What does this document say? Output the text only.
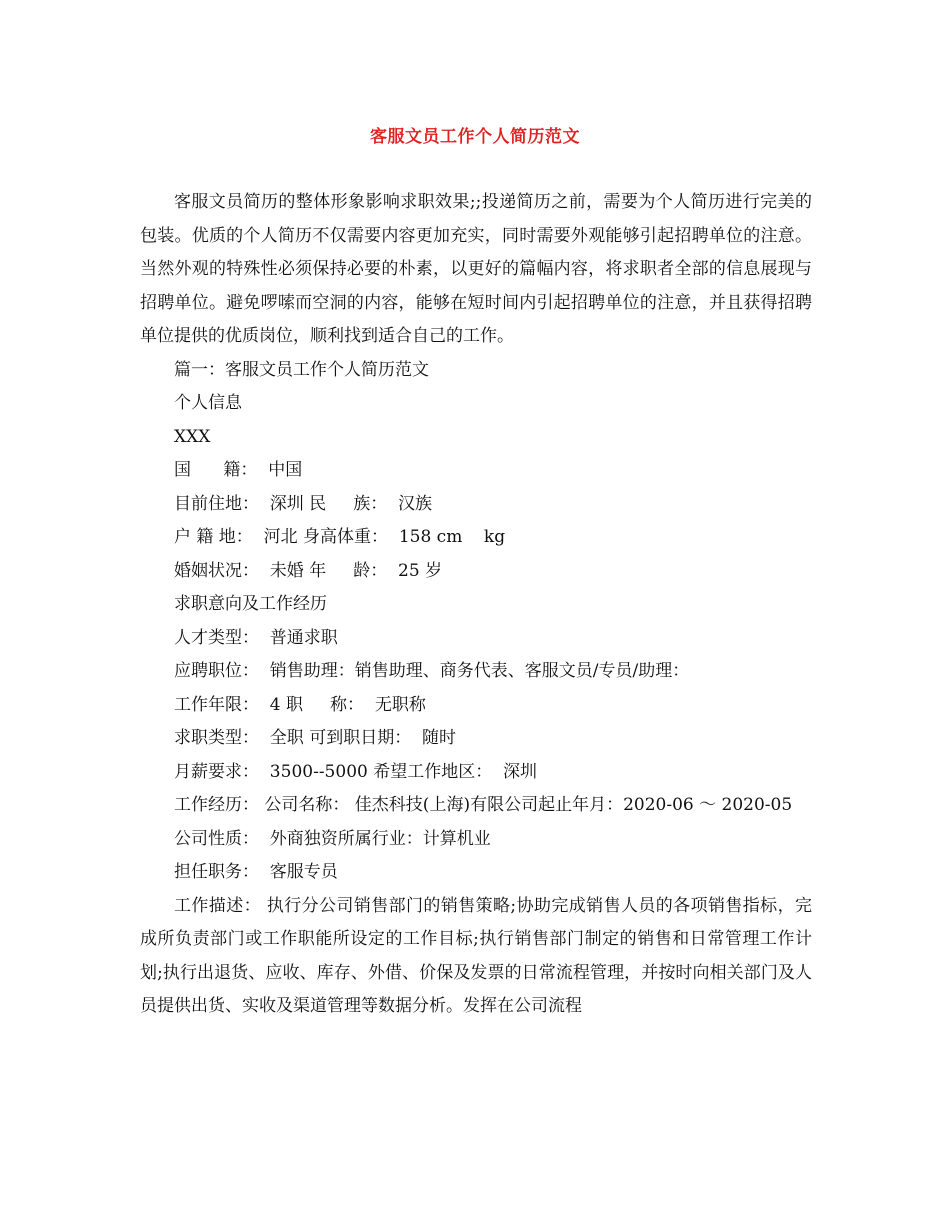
客服文员工作个人简历范文

客服文员简历的整体形象影响求职效果;;投递简历之前，需要为个人简历进行完美的包装。优质的个人简历不仅需要内容更加充实，同时需要外观能够引起招聘单位的注意。当然外观的特殊性必须保持必要的朴素，以更好的篇幅内容，将求职者全部的信息展现与招聘单位。避免啰嗦而空洞的内容，能够在短时间内引起招聘单位的注意，并且获得招聘单位提供的优质岗位，顺利找到适合自己的工作。

篇一：客服文员工作个人简历范文

个人信息

XXX

国      籍：  中国

目前住地：  深圳 民     族：  汉族

户 籍 地：  河北 身高体重：  158 cm    kg

婚姻状况：  未婚 年     龄：  25 岁

求职意向及工作经历

人才类型：  普通求职

应聘职位：  销售助理：销售助理、商务代表、客服文员/专员/助理：

工作年限：  4 职     称：  无职称

求职类型：  全职 可到职日期：  随时

月薪要求：  3500--5000 希望工作地区：  深圳

工作经历： 公司名称： 佳杰科技(上海)有限公司起止年月：2020-06 ～ 2020-05

公司性质：  外商独资所属行业：计算机业

担任职务：  客服专员

工作描述： 执行分公司销售部门的销售策略;协助完成销售人员的各项销售指标，完成所负责部门或工作职能所设定的工作目标;执行销售部门制定的销售和日常管理工作计划;执行出退货、应收、库存、外借、价保及发票的日常流程管理，并按时向相关部门及人员提供出货、实收及渠道管理等数据分析。发挥在公司流程
